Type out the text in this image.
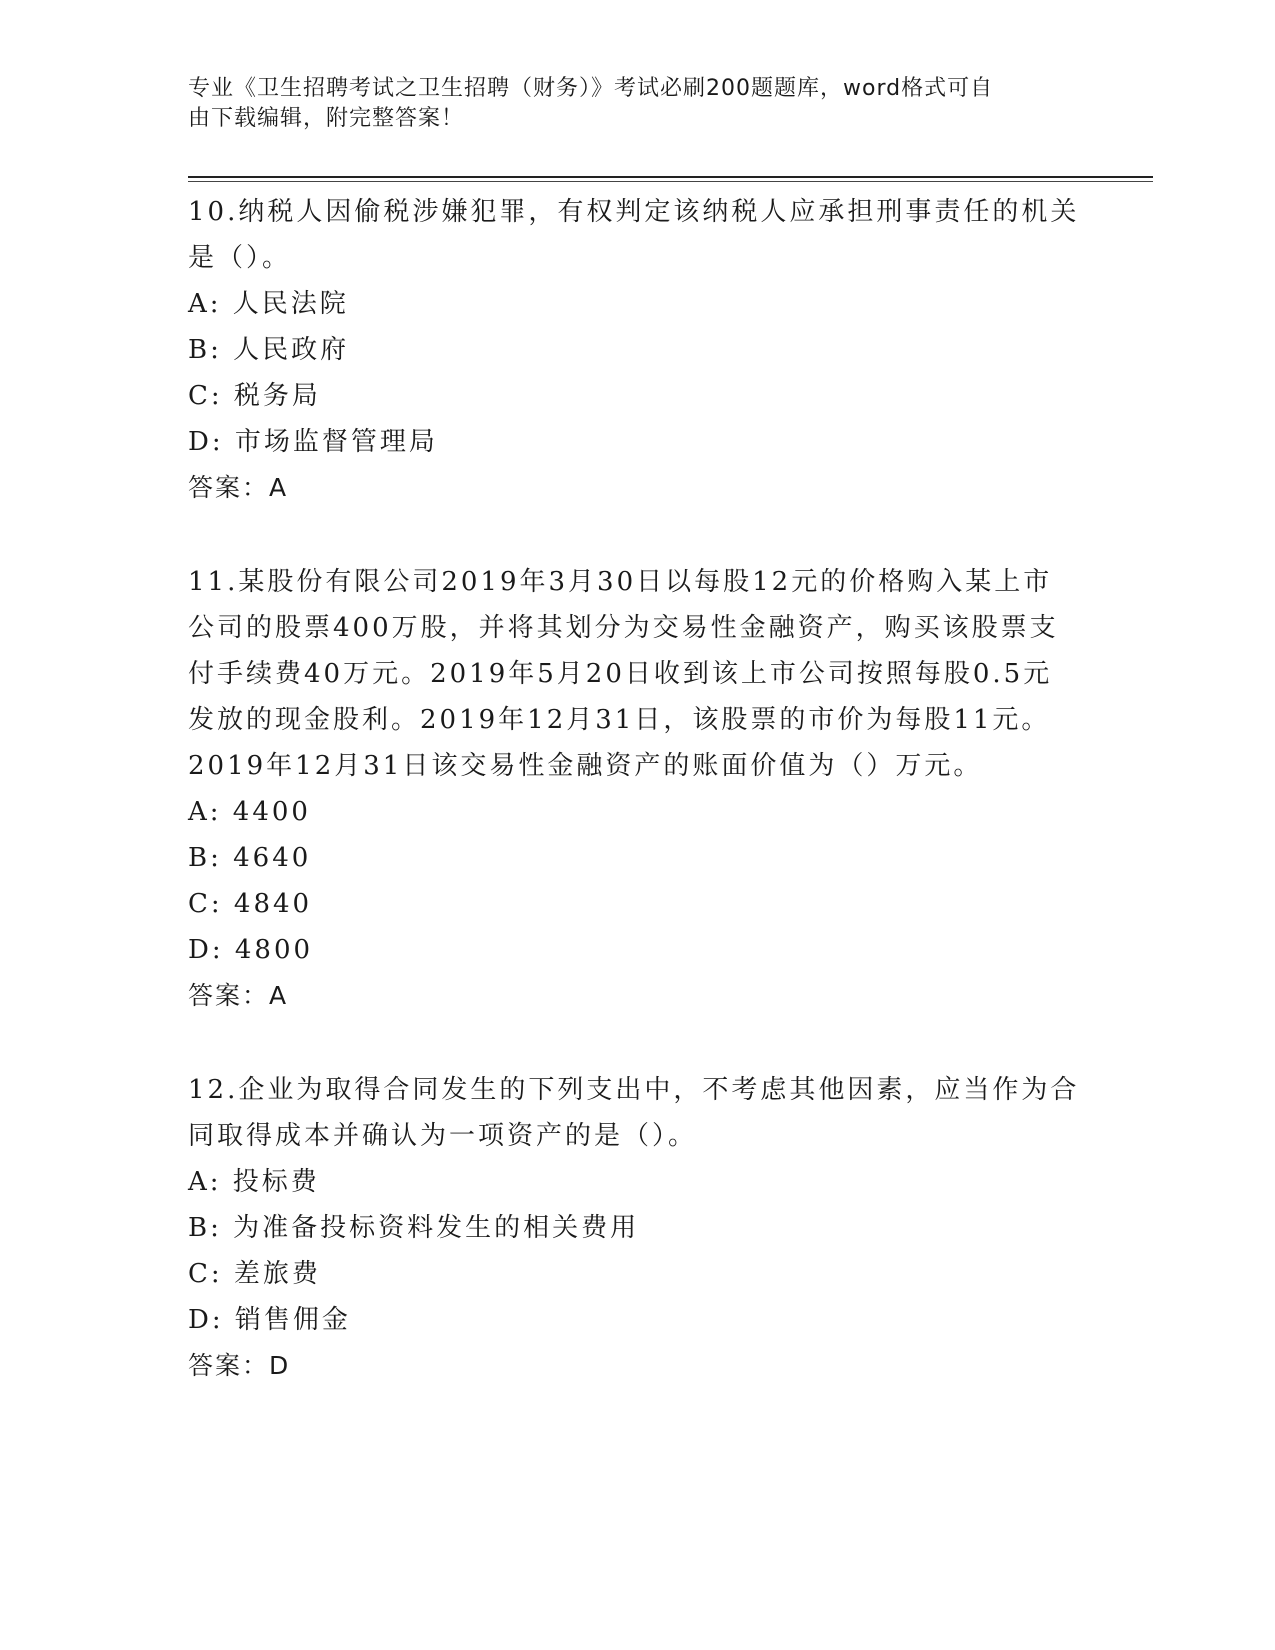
专业《卫生招聘考试之卫生招聘（财务）》考试必刷200题题库，word格式可自
由下载编辑，附完整答案！
10.纳税人因偷税涉嫌犯罪，有权判定该纳税人应承担刑事责任的机关
是（）。
A: 人民法院
B: 人民政府
C: 税务局
D: 市场监督管理局
答案：A
11.某股份有限公司2019年3月30日以每股12元的价格购入某上市
公司的股票400万股，并将其划分为交易性金融资产，购买该股票支
付手续费40万元。2019年5月20日收到该上市公司按照每股0.5元
发放的现金股利。2019年12月31日，该股票的市价为每股11元。
2019年12月31日该交易性金融资产的账面价值为（）万元。
A: 4400
B: 4640
C: 4840
D: 4800
答案：A
12.企业为取得合同发生的下列支出中，不考虑其他因素，应当作为合
同取得成本并确认为一项资产的是（）。
A: 投标费
B: 为准备投标资料发生的相关费用
C: 差旅费
D: 销售佣金
答案：D
